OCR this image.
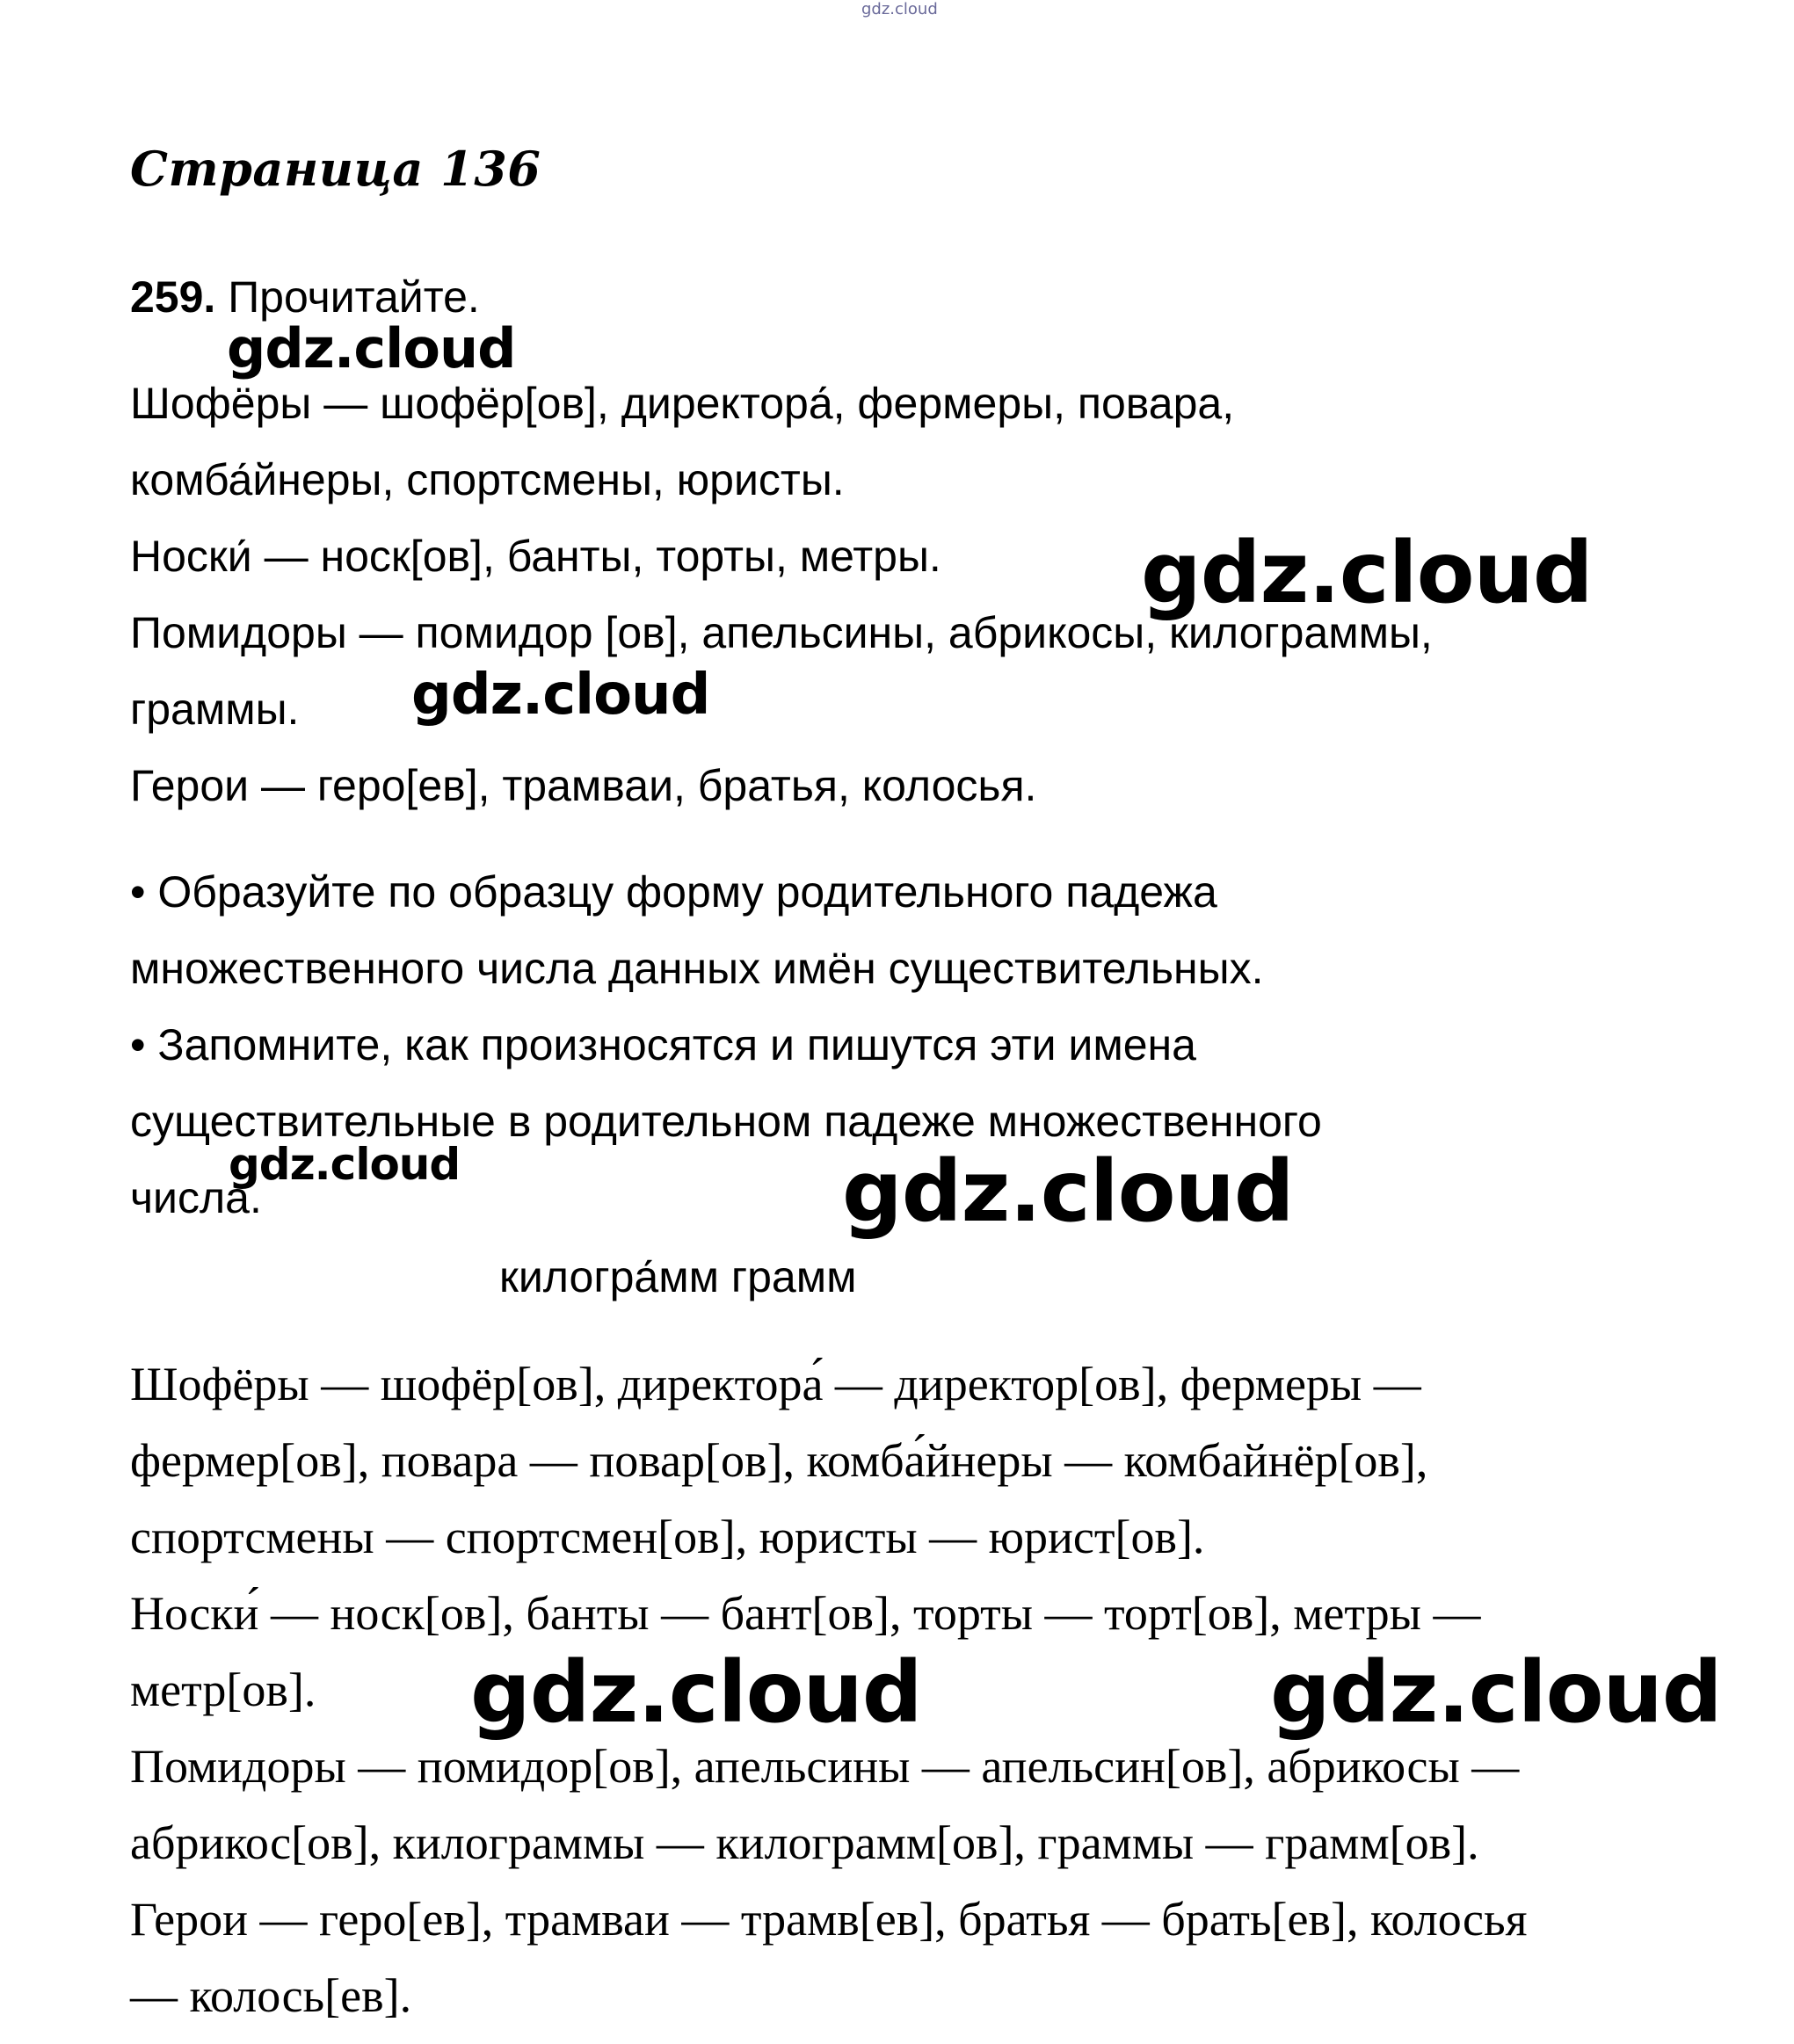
gdz.cloud
Страница 136
259. Прочитайте.
Шофёры — шофёр[ов], директора́, фермеры, повара,
комба́йнеры, спортсмены, юристы.
Носки́ — носк[ов], банты, торты, метры.
Помидоры — помидор [ов], апельсины, абрикосы, килограммы,
граммы.
Герои — геро[ев], трамваи, братья, колосья.
• Образуйте по образцу форму родительного падежа
множественного числа данных имён существительных.
• Запомните, как произносятся и пишутся эти имена
существительные в родительном падеже множественного
числа.
килогра́мм грамм
Шофёры — шофёр[ов], директора́ — директор[ов], фермеры —
фермер[ов], повара — повар[ов], комба́йнеры — комбайнёр[ов],
спортсмены — спортсмен[ов], юристы — юрист[ов].
Носки́ — носк[ов], банты — бант[ов], торты — торт[ов], метры —
метр[ов].
Помидоры — помидор[ов], апельсины — апельсин[ов], абрикосы —
абрикос[ов], килограммы — килограмм[ов], граммы — грамм[ов].
Герои — геро[ев], трамваи — трамв[ев], братья — брать[ев], колосья
— колось[ев].
gdz.cloud
gdz.cloud
gdz.cloud
gdz.cloud	gdz.cloud
gdz.cloud	gdz.cloud
